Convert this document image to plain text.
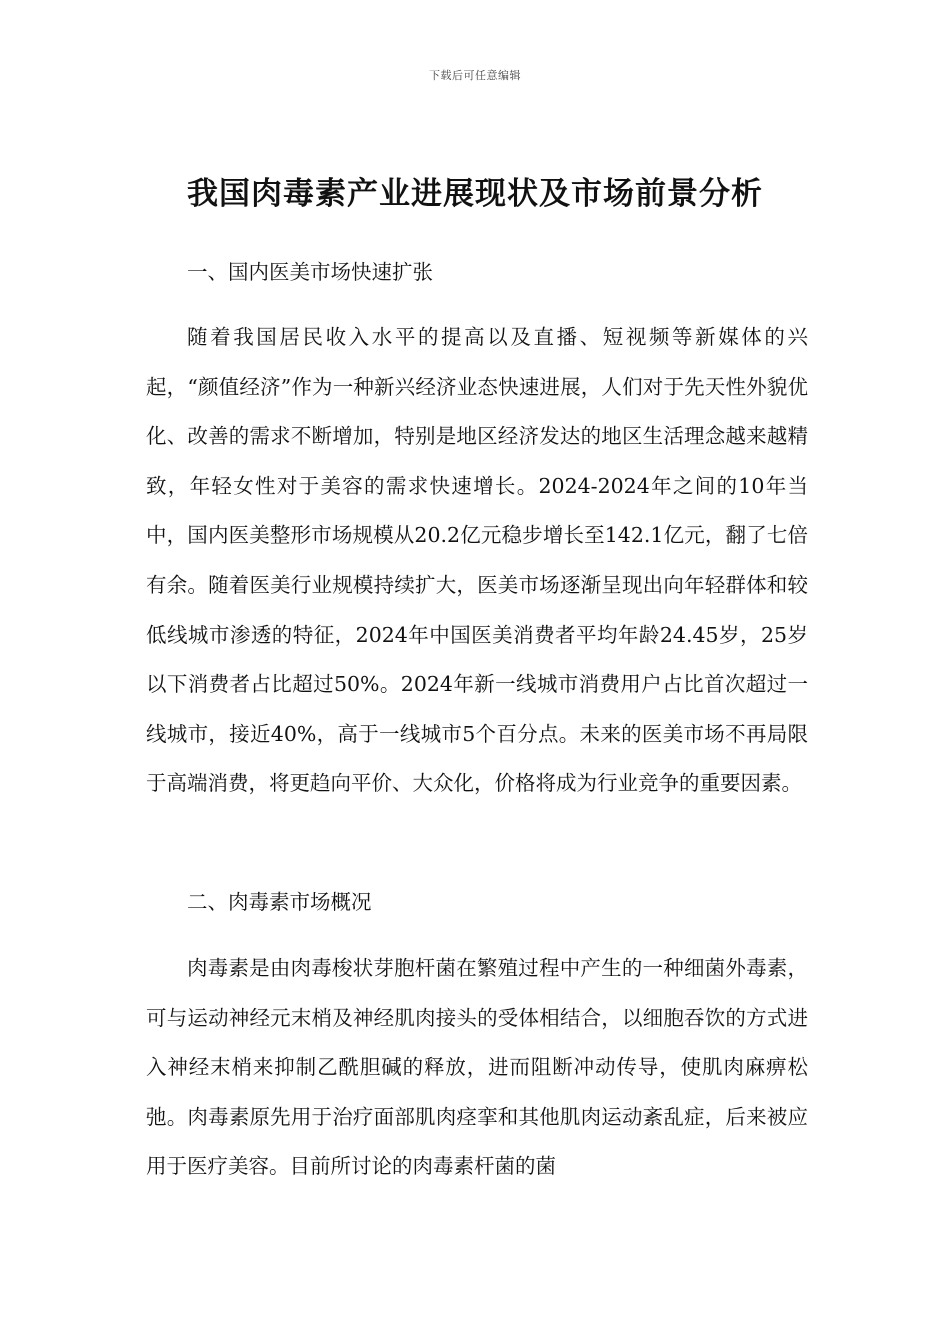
下载后可任意编辑
我国肉毒素产业进展现状及市场前景分析

一、国内医美市场快速扩张

随着我国居民收入水平的提高以及直播、短视频等新媒体的兴起，“颜值经济”作为一种新兴经济业态快速进展，人们对于先天性外貌优化、改善的需求不断增加，特别是地区经济发达的地区生活理念越来越精致，年轻女性对于美容的需求快速增长。2024-2024年之间的10年当中，国内医美整形市场规模从20.2亿元稳步增长至142.1亿元，翻了七倍有余。随着医美行业规模持续扩大，医美市场逐渐呈现出向年轻群体和较低线城市渗透的特征，2024年中国医美消费者平均年龄24.45岁，25岁以下消费者占比超过50%。2024年新一线城市消费用户占比首次超过一线城市，接近40%，高于一线城市5个百分点。未来的医美市场不再局限于高端消费，将更趋向平价、大众化，价格将成为行业竞争的重要因素。

二、肉毒素市场概况

肉毒素是由肉毒梭状芽胞杆菌在繁殖过程中产生的一种细菌外毒素，可与运动神经元末梢及神经肌肉接头的受体相结合，以细胞吞饮的方式进入神经末梢来抑制乙酰胆碱的释放，进而阻断冲动传导，使肌肉麻痹松弛。肉毒素原先用于治疗面部肌肉痉挛和其他肌肉运动紊乱症，后来被应用于医疗美容。目前所讨论的肉毒素杆菌的菌
